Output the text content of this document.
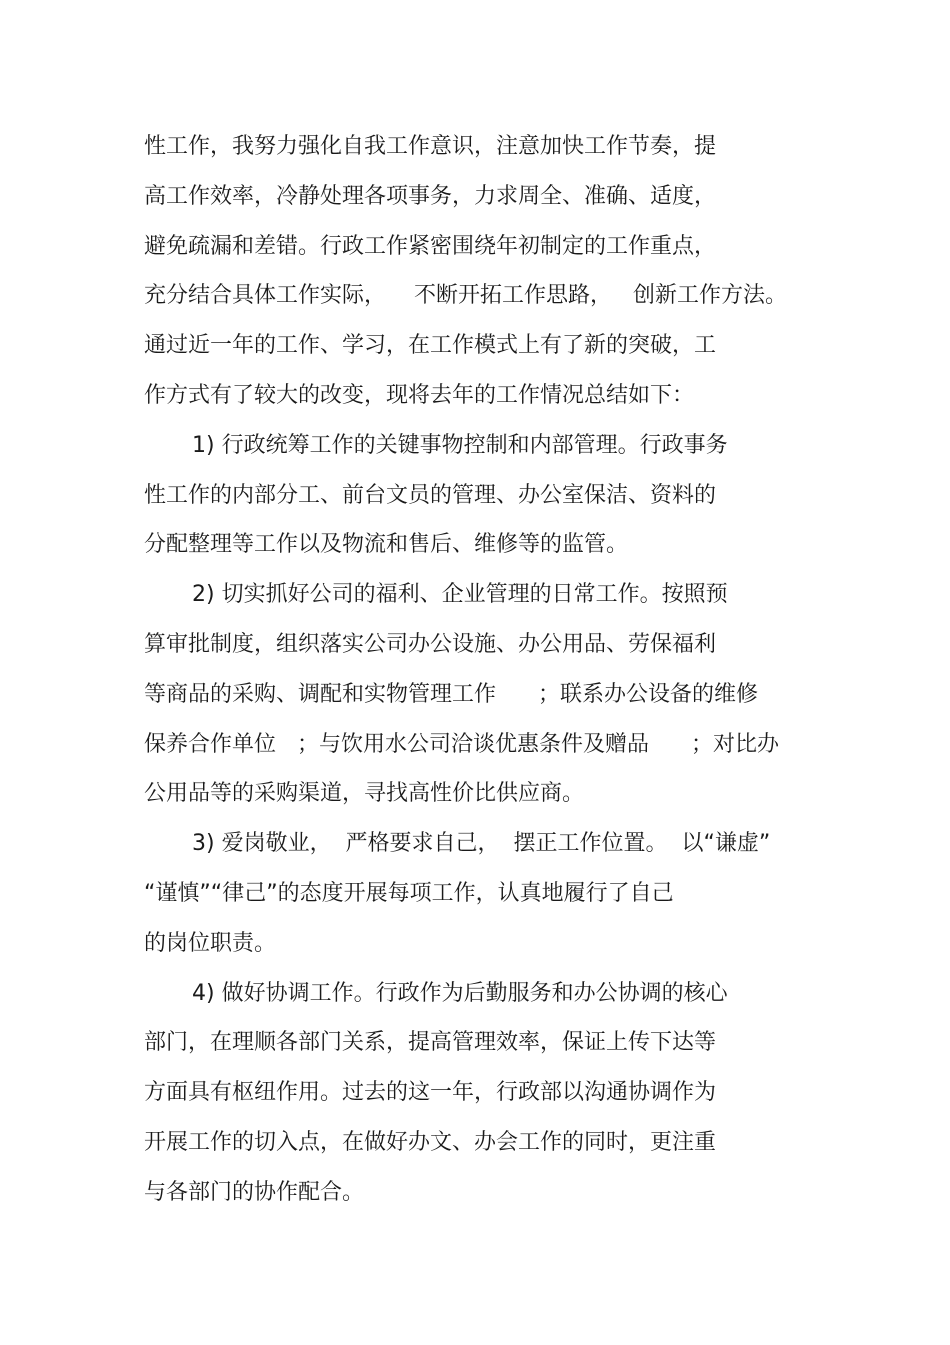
性工作，我努力强化自我工作意识，注意加快工作节奏，提
高工作效率，冷静处理各项事务，力求周全、准确、适度，
避免疏漏和差错。行政工作紧密围绕年初制定的工作重点，
充分结合具体工作实际，    不断开拓工作思路，   创新工作方法。
通过近一年的工作、学习，在工作模式上有了新的突破，工
作方式有了较大的改变，现将去年的工作情况总结如下：
1) 行政统筹工作的关键事物控制和内部管理。行政事务
性工作的内部分工、前台文员的管理、办公室保洁、资料的
分配整理等工作以及物流和售后、维修等的监管。
2) 切实抓好公司的福利、企业管理的日常工作。按照预
算审批制度，组织落实公司办公设施、办公用品、劳保福利
等商品的采购、调配和实物管理工作      ；联系办公设备的维修
保养合作单位   ；与饮用水公司洽谈优惠条件及赠品      ；对比办
公用品等的采购渠道，寻找高性价比供应商。
3) 爱岗敬业，  严格要求自己，  摆正工作位置。  以“谦虚”
“谨慎”“律己”的态度开展每项工作，认真地履行了自己
的岗位职责。
4) 做好协调工作。行政作为后勤服务和办公协调的核心
部门，在理顺各部门关系，提高管理效率，保证上传下达等
方面具有枢纽作用。过去的这一年，行政部以沟通协调作为
开展工作的切入点，在做好办文、办会工作的同时，更注重
与各部门的协作配合。
